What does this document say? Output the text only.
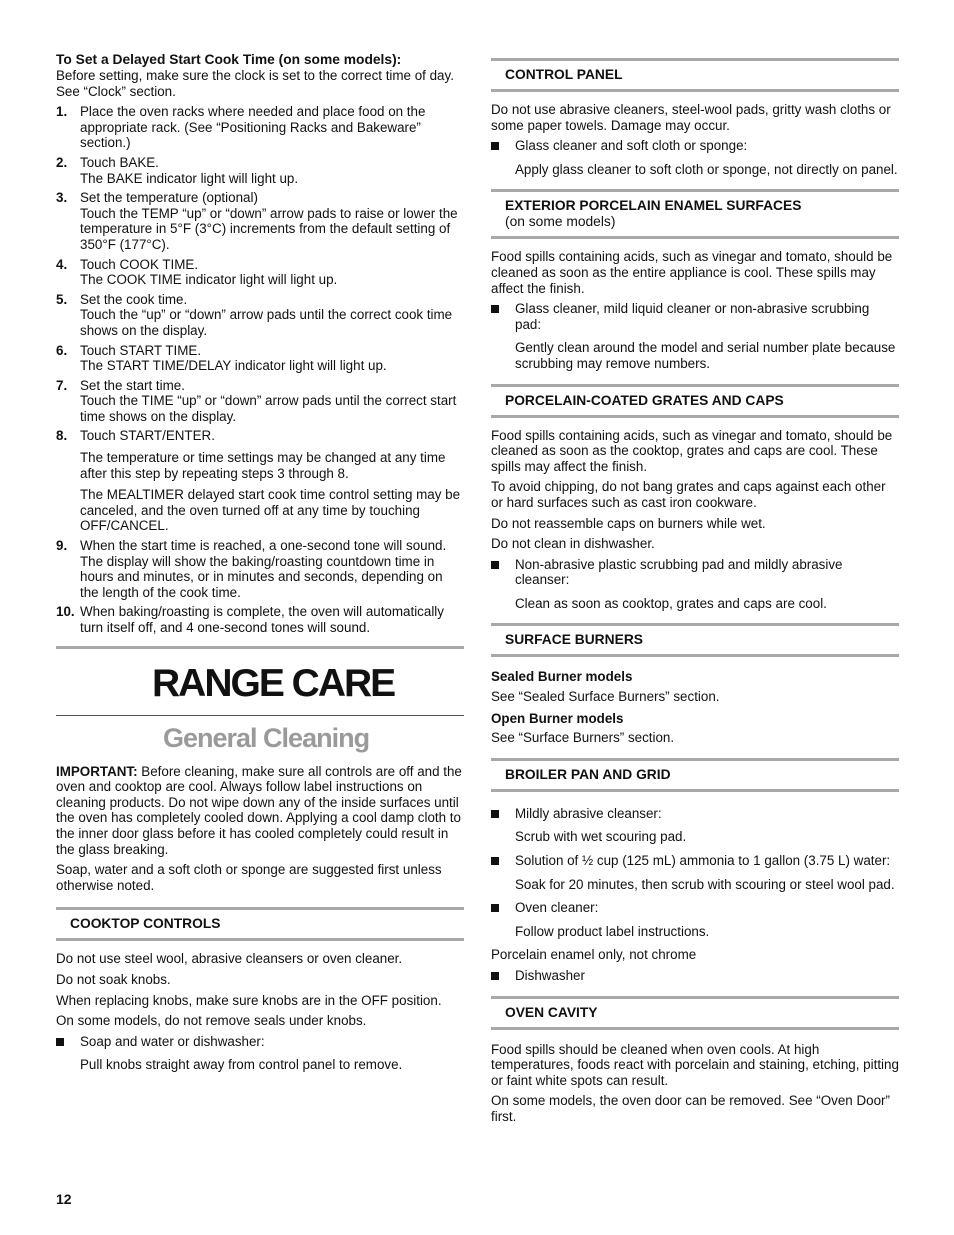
To Set a Delayed Start Cook Time (on some models):

Before setting, make sure the clock is set to the correct time of day. See “Clock” section.

1. Place the oven racks where needed and place food on the appropriate rack. (See “Positioning Racks and Bakeware” section.)
2. Touch BAKE.
The BAKE indicator light will light up.
3. Set the temperature (optional)
Touch the TEMP “up” or “down” arrow pads to raise or lower the temperature in 5°F (3°C) increments from the default setting of 350°F (177°C).
4. Touch COOK TIME.
The COOK TIME indicator light will light up.
5. Set the cook time.
Touch the “up” or “down” arrow pads until the correct cook time shows on the display.
6. Touch START TIME.
The START TIME/DELAY indicator light will light up.
7. Set the start time.
Touch the TIME “up” or “down” arrow pads until the correct start time shows on the display.
8. Touch START/ENTER.
The temperature or time settings may be changed at any time after this step by repeating steps 3 through 8.
The MEALTIMER delayed start cook time control setting may be canceled, and the oven turned off at any time by touching OFF/CANCEL.
9. When the start time is reached, a one-second tone will sound. The display will show the baking/roasting countdown time in hours and minutes, or in minutes and seconds, depending on the length of the cook time.
10. When baking/roasting is complete, the oven will automatically turn itself off, and 4 one-second tones will sound.
RANGE CARE
General Cleaning

IMPORTANT: Before cleaning, make sure all controls are off and the oven and cooktop are cool. Always follow label instructions on cleaning products. Do not wipe down any of the inside surfaces until the oven has completely cooled down. Applying a cool damp cloth to the inner door glass before it has cooled completely could result in the glass breaking.

Soap, water and a soft cloth or sponge are suggested first unless otherwise noted.

COOKTOP CONTROLS

Do not use steel wool, abrasive cleansers or oven cleaner.

Do not soak knobs.

When replacing knobs, make sure knobs are in the OFF position.

On some models, do not remove seals under knobs.

Soap and water or dishwasher:
Pull knobs straight away from control panel to remove.
CONTROL PANEL

Do not use abrasive cleaners, steel-wool pads, gritty wash cloths or some paper towels. Damage may occur.

Glass cleaner and soft cloth or sponge:
Apply glass cleaner to soft cloth or sponge, not directly on panel.
EXTERIOR PORCELAIN ENAMEL SURFACES
(on some models)

Food spills containing acids, such as vinegar and tomato, should be cleaned as soon as the entire appliance is cool. These spills may affect the finish.

Glass cleaner, mild liquid cleaner or non-abrasive scrubbing pad:
Gently clean around the model and serial number plate because scrubbing may remove numbers.
PORCELAIN-COATED GRATES AND CAPS

Food spills containing acids, such as vinegar and tomato, should be cleaned as soon as the cooktop, grates and caps are cool. These spills may affect the finish.

To avoid chipping, do not bang grates and caps against each other or hard surfaces such as cast iron cookware.

Do not reassemble caps on burners while wet.

Do not clean in dishwasher.

Non-abrasive plastic scrubbing pad and mildly abrasive cleanser:
Clean as soon as cooktop, grates and caps are cool.
SURFACE BURNERS

Sealed Burner models

See “Sealed Surface Burners” section.

Open Burner models

See “Surface Burners” section.

BROILER PAN AND GRID
Mildly abrasive cleanser:
Scrub with wet scouring pad.
Solution of ½ cup (125 mL) ammonia to 1 gallon (3.75 L) water:
Soak for 20 minutes, then scrub with scouring or steel wool pad.
Oven cleaner:
Follow product label instructions.

Porcelain enamel only, not chrome

Dishwasher
OVEN CAVITY

Food spills should be cleaned when oven cools. At high temperatures, foods react with porcelain and staining, etching, pitting or faint white spots can result.

On some models, the oven door can be removed. See “Oven Door” first.

12
